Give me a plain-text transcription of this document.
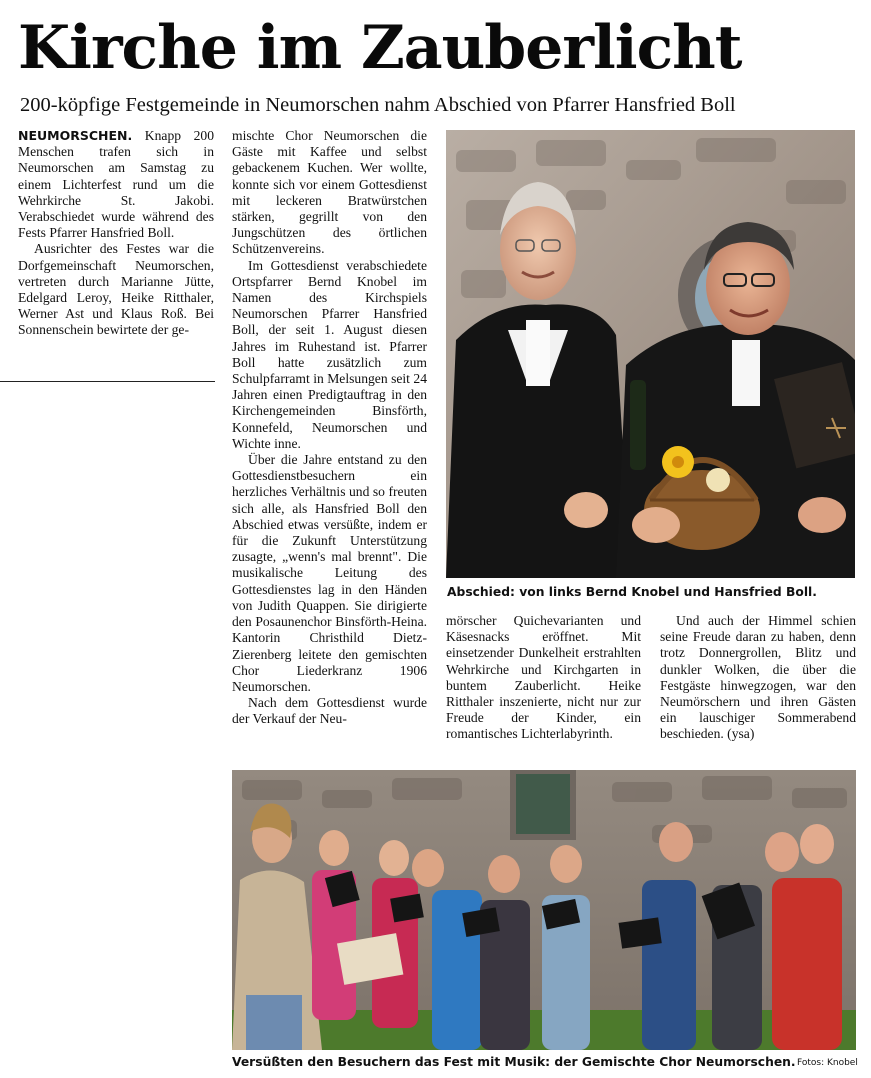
Kirche im Zauberlicht
200-köpfige Festgemeinde in Neumorschen nahm Abschied von Pfarrer Hansfried Boll

NEUMORSCHEN. Knapp 200 Menschen trafen sich in Neumorschen am Samstag zu einem Lichterfest rund um die Wehrkirche St. Jakobi. Verabschiedet wurde während des Fests Pfarrer Hansfried Boll.

Ausrichter des Festes war die Dorfgemeinschaft Neumorschen, vertreten durch Marianne Jütte, Edelgard Leroy, Heike Ritthaler, Werner Ast und Klaus Roß. Bei Sonnenschein bewirtete der ge-

mischte Chor Neumorschen die Gäste mit Kaffee und selbst gebackenem Kuchen. Wer wollte, konnte sich vor einem Gottesdienst mit leckeren Bratwürstchen stärken, gegrillt von den Jungschützen des örtlichen Schützenvereins.

Im Gottesdienst verabschiedete Ortspfarrer Bernd Knobel im Namen des Kirchspiels Neumorschen Pfarrer Hansfried Boll, der seit 1. August diesen Jahres im Ruhestand ist. Pfarrer Boll hatte zusätzlich zum Schulpfarramt in Melsungen seit 24 Jahren einen Predigtauftrag in den Kirchengemeinden Binsförth, Konnefeld, Neumorschen und Wichte inne.

Über die Jahre entstand zu den Gottesdienstbesuchern ein herzliches Verhältnis und so freuten sich alle, als Hansfried Boll den Abschied etwas versüßte, indem er für die Zukunft Unterstützung zusagte, „wenn's mal brennt". Die musikalische Leitung des Gottesdienstes lag in den Händen von Judith Quappen. Sie dirigierte den Posaunenchor Binsförth-Heina. Kantorin Christhild Dietz-Zierenberg leitete den gemischten Chor Liederkranz 1906 Neumorschen.

Nach dem Gottesdienst wurde der Verkauf der Neu-

Abschied: von links Bernd Knobel und Hansfried Boll.

mörscher Quichevarianten und Käsesnacks eröffnet. Mit einsetzender Dunkelheit erstrahlten Wehrkirche und Kirchgarten in buntem Zauberlicht. Heike Ritthaler inszenierte, nicht nur zur Freude der Kinder, ein romantisches Lichterlabyrinth.

Und auch der Himmel schien seine Freude daran zu haben, denn trotz Donnergrollen, Blitz und dunkler Wolken, die über die Festgäste hinwegzogen, war den Neumörschern und ihren Gästen ein lauschiger Sommerabend beschieden. (ysa)

Versüßten den Besuchern das Fest mit Musik: der Gemischte Chor Neumorschen. Fotos: Knobel
